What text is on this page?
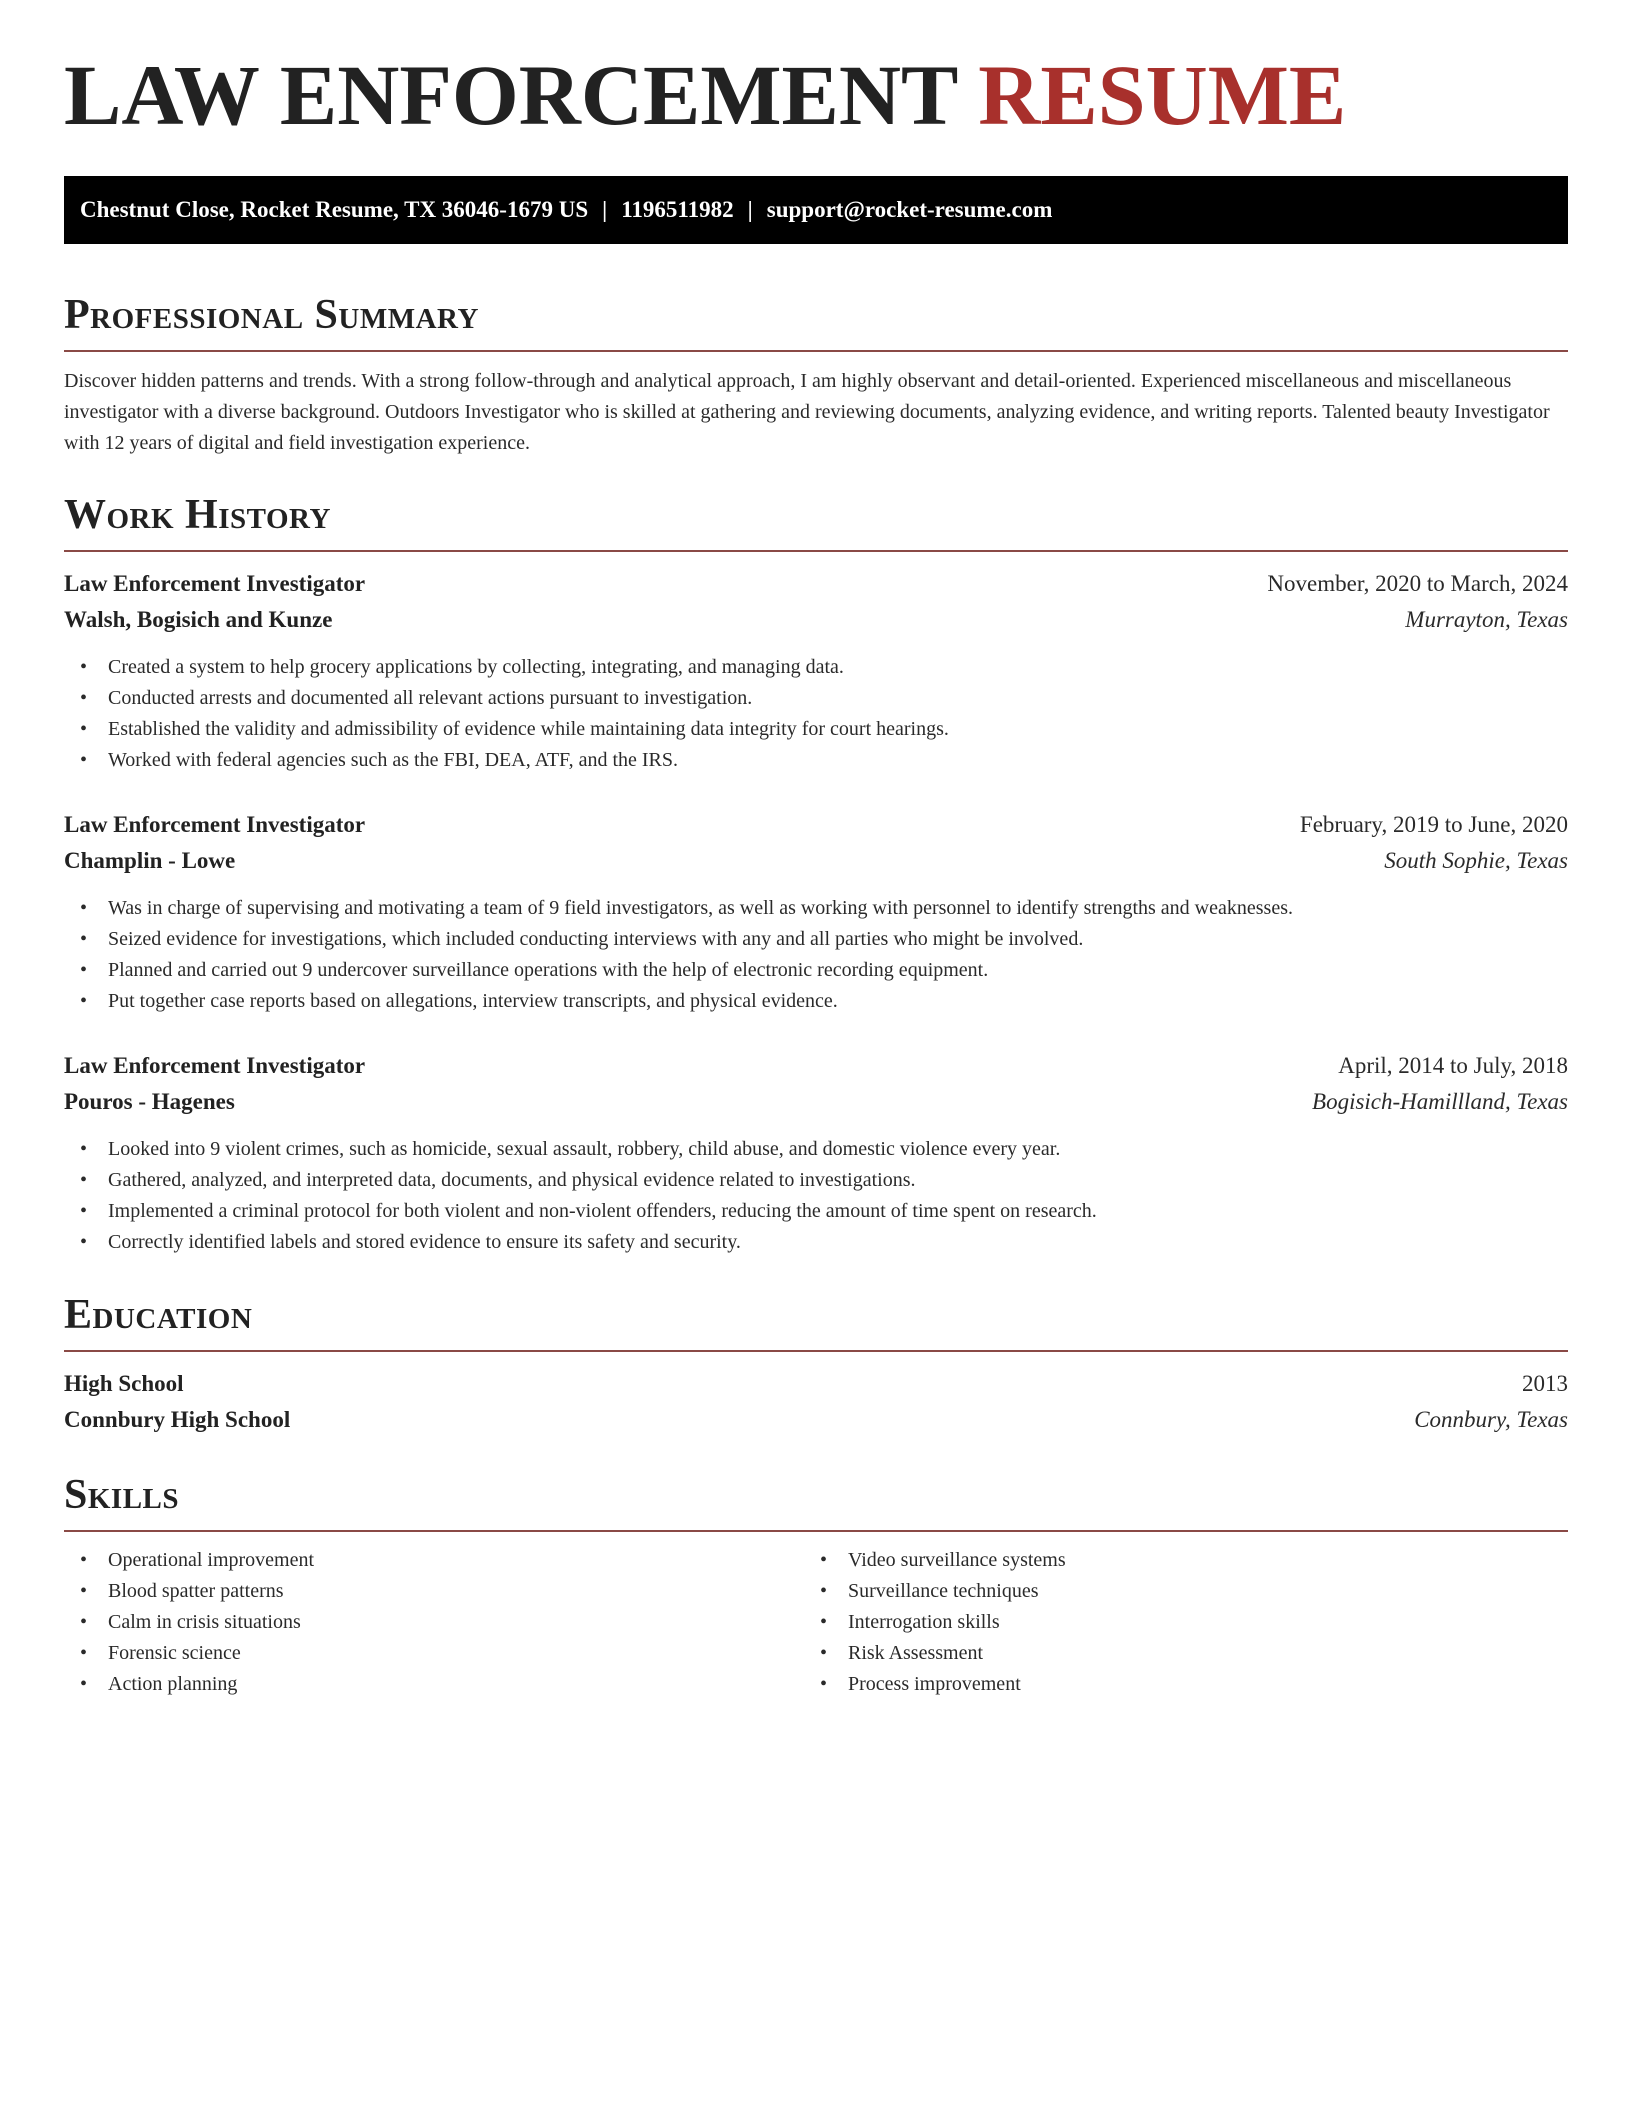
LAW ENFORCEMENT RESUME
Chestnut Close, Rocket Resume, TX 36046-1679 US | 1196511982 | support@rocket-resume.com
Professional Summary

Discover hidden patterns and trends. With a strong follow-through and analytical approach, I am highly observant and detail-oriented. Experienced miscellaneous and miscellaneous investigator with a diverse background. Outdoors Investigator who is skilled at gathering and reviewing documents, analyzing evidence, and writing reports. Talented beauty Investigator with 12 years of digital and field investigation experience.

Work History
Law Enforcement Investigator	November, 2020 to March, 2024
Walsh, Bogisich and Kunze	Murrayton, Texas
• Created a system to help grocery applications by collecting, integrating, and managing data.
• Conducted arrests and documented all relevant actions pursuant to investigation.
• Established the validity and admissibility of evidence while maintaining data integrity for court hearings.
• Worked with federal agencies such as the FBI, DEA, ATF, and the IRS.
Law Enforcement Investigator	February, 2019 to June, 2020
Champlin - Lowe	South Sophie, Texas
• Was in charge of supervising and motivating a team of 9 field investigators, as well as working with personnel to identify strengths and weaknesses.
• Seized evidence for investigations, which included conducting interviews with any and all parties who might be involved.
• Planned and carried out 9 undercover surveillance operations with the help of electronic recording equipment.
• Put together case reports based on allegations, interview transcripts, and physical evidence.
Law Enforcement Investigator	April, 2014 to July, 2018
Pouros - Hagenes	Bogisich-Hamillland, Texas
• Looked into 9 violent crimes, such as homicide, sexual assault, robbery, child abuse, and domestic violence every year.
• Gathered, analyzed, and interpreted data, documents, and physical evidence related to investigations.
• Implemented a criminal protocol for both violent and non-violent offenders, reducing the amount of time spent on research.
• Correctly identified labels and stored evidence to ensure its safety and security.
Education
High School	2013
Connbury High School	Connbury, Texas
Skills
• Operational improvement
• Blood spatter patterns
• Calm in crisis situations
• Forensic science
• Action planning
• Video surveillance systems
• Surveillance techniques
• Interrogation skills
• Risk Assessment
• Process improvement
